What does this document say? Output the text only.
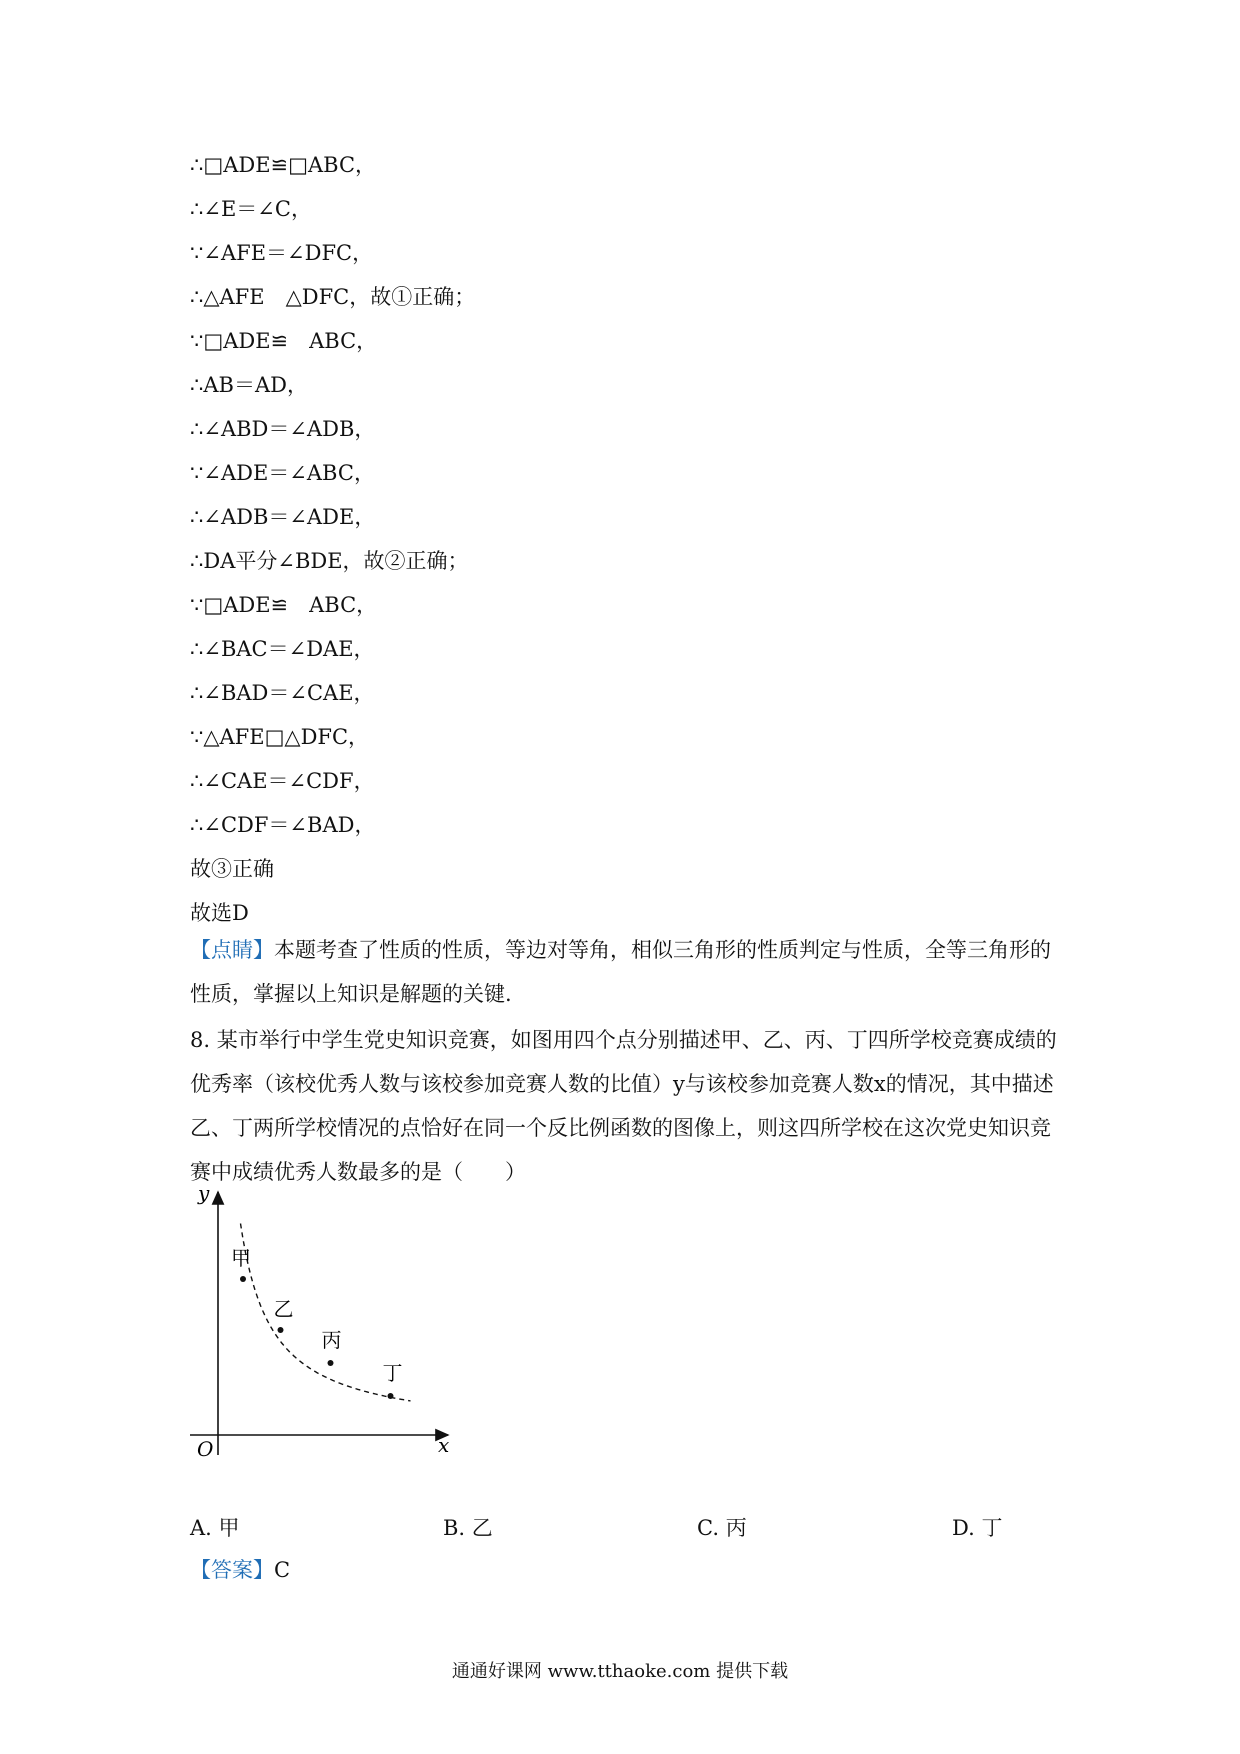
∴□ADE≌□ABC，
∴∠E＝∠C，
∵∠AFE＝∠DFC，
∴△AFE　△DFC，故①正确；
∵□ADE≌　ABC，
∴AB＝AD，
∴∠ABD＝∠ADB，
∵∠ADE＝∠ABC，
∴∠ADB＝∠ADE，
∴DA平分∠BDE，故②正确；
∵□ADE≌　ABC，
∴∠BAC＝∠DAE，
∴∠BAD＝∠CAE，
∵△AFE□△DFC，
∴∠CAE＝∠CDF，
∴∠CDF＝∠BAD，
故③正确
故选D
【点睛】本题考查了性质的性质，等边对等角，相似三角形的性质判定与性质，全等三角形的性质，掌握以上知识是解题的关键.
8. 某市举行中学生党史知识竞赛，如图用四个点分别描述甲、乙、丙、丁四所学校竞赛成绩的优秀率（该校优秀人数与该校参加竞赛人数的比值）y与该校参加竞赛人数x的情况，其中描述乙、丁两所学校情况的点恰好在同一个反比例函数的图像上，则这四所学校在这次党史知识竞赛中成绩优秀人数最多的是（　　）
y
x
O
甲
乙
丙
丁
A. 甲	B. 乙	C. 丙	D. 丁
【答案】C
通通好课网 www.tthaoke.com 提供下载
